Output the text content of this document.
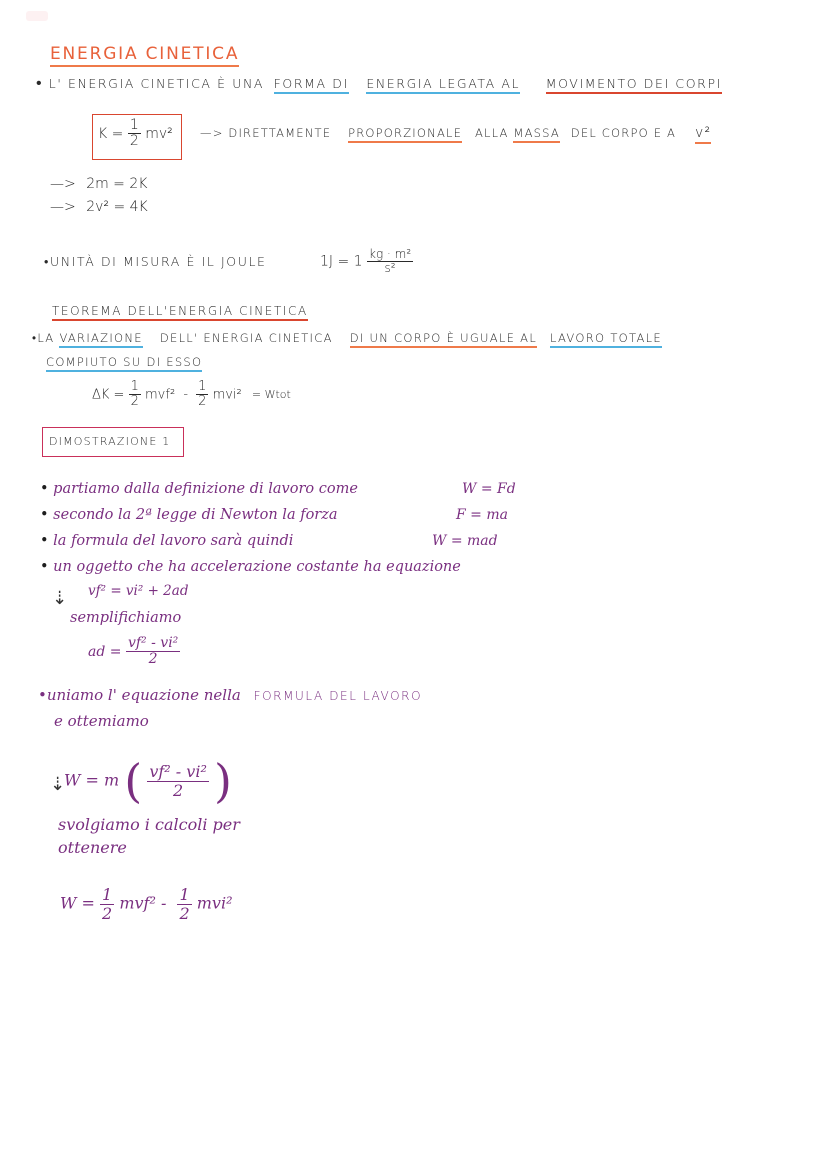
ENERGIA CINETICA
• L' ENERGIA CINETICA È UNA FORMA DI ENERGIA LEGATA AL MOVIMENTO DEI CORPI
$K = \frac{1}{2} mv^2$ —> DIRETTAMENTE PROPORZIONALE ALLA MASSA DEL CORPO E A v²
—> 2m = 2K
—> 2v² = 4K
•UNITÀ DI MISURA È IL JOULE	$1J = 1 \frac{\text{kg · m²}}{\text{s²}}$
TEOREMA DELL'ENERGIA CINETICA
•LA VARIAZIONE DELL' ENERGIA CINETICA DI UN CORPO È UGUALE AL LAVORO TOTALE
COMPIUTO SU DI ESSO
$\Delta K = \frac{1}{2} mvf^2 - \frac{1}{2} mvi^2$ = Wtot
DIMOSTRAZIONE 1
• partiamo dalla definizione di lavoro come	W = Fd
• secondo la 2ª legge di Newton la forza	F = ma
• la formula del lavoro sarà quindi	W = mad
• un oggetto che ha accelerazione costante ha equazione
vf² = vi² + 2ad
⇣
semplifichiamo
ad = $\frac{\text{vf² - vi²}}{2}$
•uniamo l' equazione nella FORMULA DEL LAVORO
e ottemiamo
W = m ( $\frac{\text{vf² - vi²}}{2}$ )
⇣
svolgiamo i calcoli per
ottenere
$W = \frac{1}{2} mvf^2 - \frac{1}{2} mvi^2$
